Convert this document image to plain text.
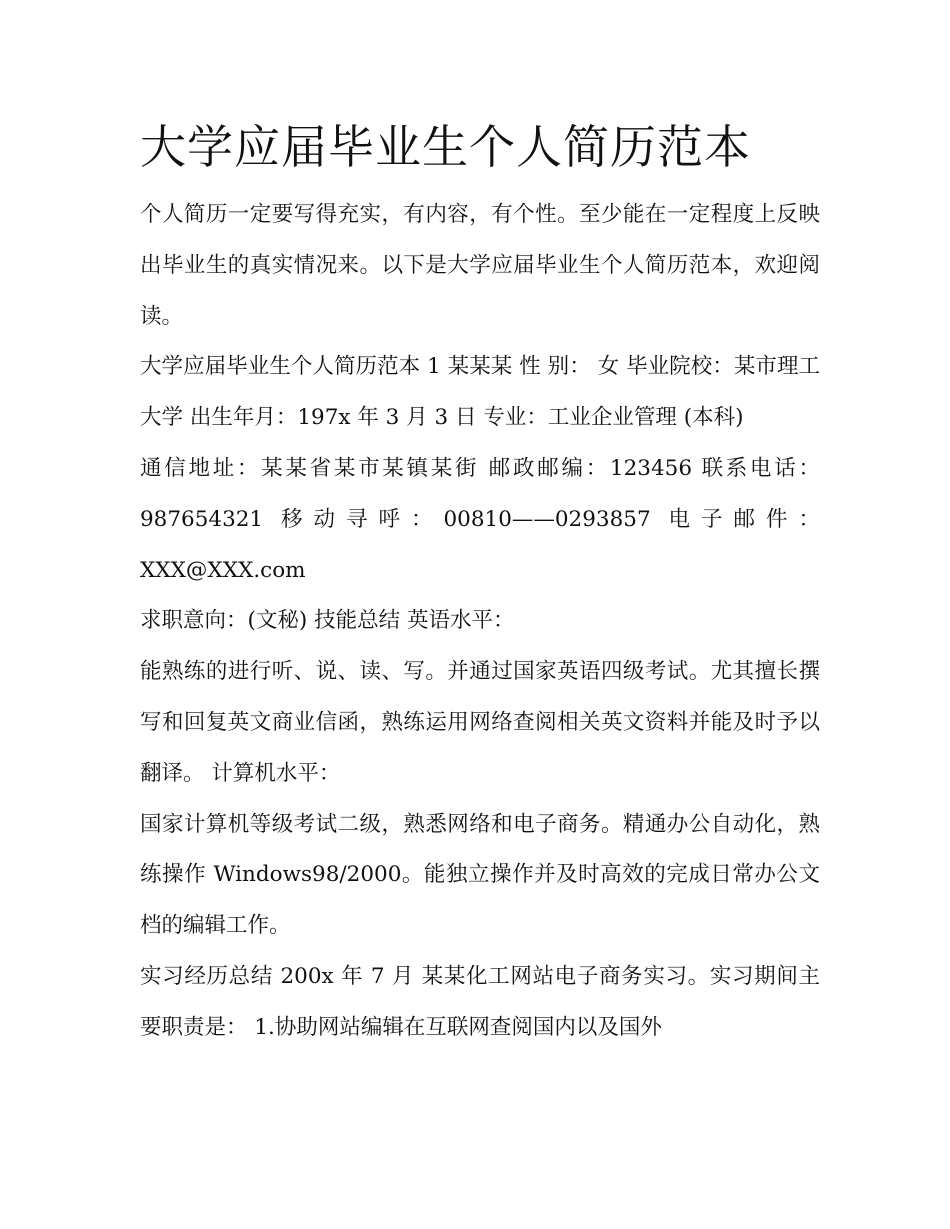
大学应届毕业生个人简历范本

个人简历一定要写得充实，有内容，有个性。至少能在一定程度上反映出毕业生的真实情况来。以下是大学应届毕业生个人简历范本，欢迎阅读。

大学应届毕业生个人简历范本 1 某某某 性 别： 女 毕业院校：某市理工大学 出生年月：197x 年 3 月 3 日 专业：工业企业管理 (本科)

通信地址：某某省某市某镇某街 邮政邮编：123456 联系电话：987654321 移动寻呼：00810——0293857 电子邮件：XXX@XXX.com

求职意向：(文秘) 技能总结 英语水平：

能熟练的进行听、说、读、写。并通过国家英语四级考试。尤其擅长撰写和回复英文商业信函，熟练运用网络查阅相关英文资料并能及时予以翻译。 计算机水平：

国家计算机等级考试二级，熟悉网络和电子商务。精通办公自动化，熟练操作 Windows98/2000。能独立操作并及时高效的完成日常办公文档的编辑工作。

实习经历总结 200x 年 7 月 某某化工网站电子商务实习。实习期间主要职责是： 1.协助网站编辑在互联网查阅国内以及国外
